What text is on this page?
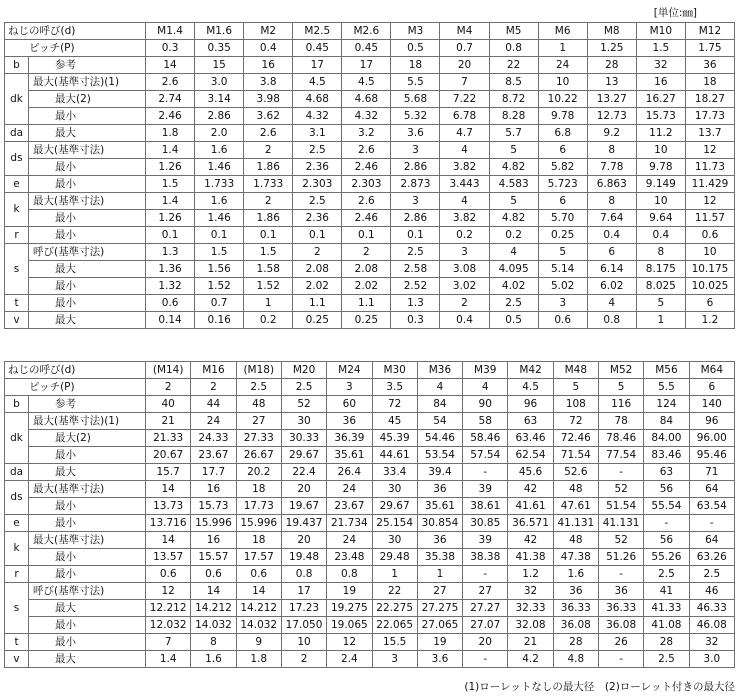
[単位:㎜]
ねじの呼び(d)		M1.4	M1.6	M2	M2.5	M2.6	M3	M4	M5	M6	M8	M10	M12
ピッチ(P)		0.3	0.35	0.4	0.45	0.45	0.5	0.7	0.8	1	1.25	1.5	1.75
b	参考	14	15	16	17	17	18	20	22	24	28	32	36
dk	最大(基準寸法)(1)	2.6	3.0	3.8	4.5	4.5	5.5	7	8.5	10	13	16	18
	最大(2)	2.74	3.14	3.98	4.68	4.68	5.68	7.22	8.72	10.22	13.27	16.27	18.27
	最小	2.46	2.86	3.62	4.32	4.32	5.32	6.78	8.28	9.78	12.73	15.73	17.73
da	最大	1.8	2.0	2.6	3.1	3.2	3.6	4.7	5.7	6.8	9.2	11.2	13.7
ds	最大(基準寸法)	1.4	1.6	2	2.5	2.6	3	4	5	6	8	10	12
	最小	1.26	1.46	1.86	2.36	2.46	2.86	3.82	4.82	5.82	7.78	9.78	11.73
e	最小	1.5	1.733	1.733	2.303	2.303	2.873	3.443	4.583	5.723	6.863	9.149	11.429
k	最大(基準寸法)	1.4	1.6	2	2.5	2.6	3	4	5	6	8	10	12
	最小	1.26	1.46	1.86	2.36	2.46	2.86	3.82	4.82	5.70	7.64	9.64	11.57
r	最小	0.1	0.1	0.1	0.1	0.1	0.1	0.2	0.2	0.25	0.4	0.4	0.6
s	呼び(基準寸法)	1.3	1.5	1.5	2	2	2.5	3	4	5	6	8	10
	最大	1.36	1.56	1.58	2.08	2.08	2.58	3.08	4.095	5.14	6.14	8.175	10.175
	最小	1.32	1.52	1.52	2.02	2.02	2.52	3.02	4.02	5.02	6.02	8.025	10.025
t	最小	0.6	0.7	1	1.1	1.1	1.3	2	2.5	3	4	5	6
v	最大	0.14	0.16	0.2	0.25	0.25	0.3	0.4	0.5	0.6	0.8	1	1.2
ねじの呼び(d)		(M14)	M16	(M18)	M20	M24	M30	M36	M39	M42	M48	M52	M56	M64
ピッチ(P)		2	2	2.5	2.5	3	3.5	4	4	4.5	5	5	5.5	6
b	参考	40	44	48	52	60	72	84	90	96	108	116	124	140
dk	最大(基準寸法)(1)	21	24	27	30	36	45	54	58	63	72	78	84	96
	最大(2)	21.33	24.33	27.33	30.33	36.39	45.39	54.46	58.46	63.46	72.46	78.46	84.00	96.00
	最小	20.67	23.67	26.67	29.67	35.61	44.61	53.54	57.54	62.54	71.54	77.54	83.46	95.46
da	最大	15.7	17.7	20.2	22.4	26.4	33.4	39.4	-	45.6	52.6	-	63	71
ds	最大(基準寸法)	14	16	18	20	24	30	36	39	42	48	52	56	64
	最小	13.73	15.73	17.73	19.67	23.67	29.67	35.61	38.61	41.61	47.61	51.54	55.54	63.54
e	最小	13.716	15.996	15.996	19.437	21.734	25.154	30.854	30.85	36.571	41.131	41.131	-	-
k	最大(基準寸法)	14	16	18	20	24	30	36	39	42	48	52	56	64
	最小	13.57	15.57	17.57	19.48	23.48	29.48	35.38	38.38	41.38	47.38	51.26	55.26	63.26
r	最小	0.6	0.6	0.6	0.8	0.8	1	1	-	1.2	1.6	-	2.5	2.5
s	呼び(基準寸法)	12	14	14	17	19	22	27	27	32	36	36	41	46
	最大	12.212	14.212	14.212	17.23	19.275	22.275	27.275	27.27	32.33	36.33	36.33	41.33	46.33
	最小	12.032	14.032	14.032	17.050	19.065	22.065	27.065	27.07	32.08	36.08	36.08	41.08	46.08
t	最小	7	8	9	10	12	15.5	19	20	21	28	26	28	32
v	最大	1.4	1.6	1.8	2	2.4	3	3.6	-	4.2	4.8	-	2.5	3.0
(1)ローレットなしの最大径　(2)ローレット付きの最大径
